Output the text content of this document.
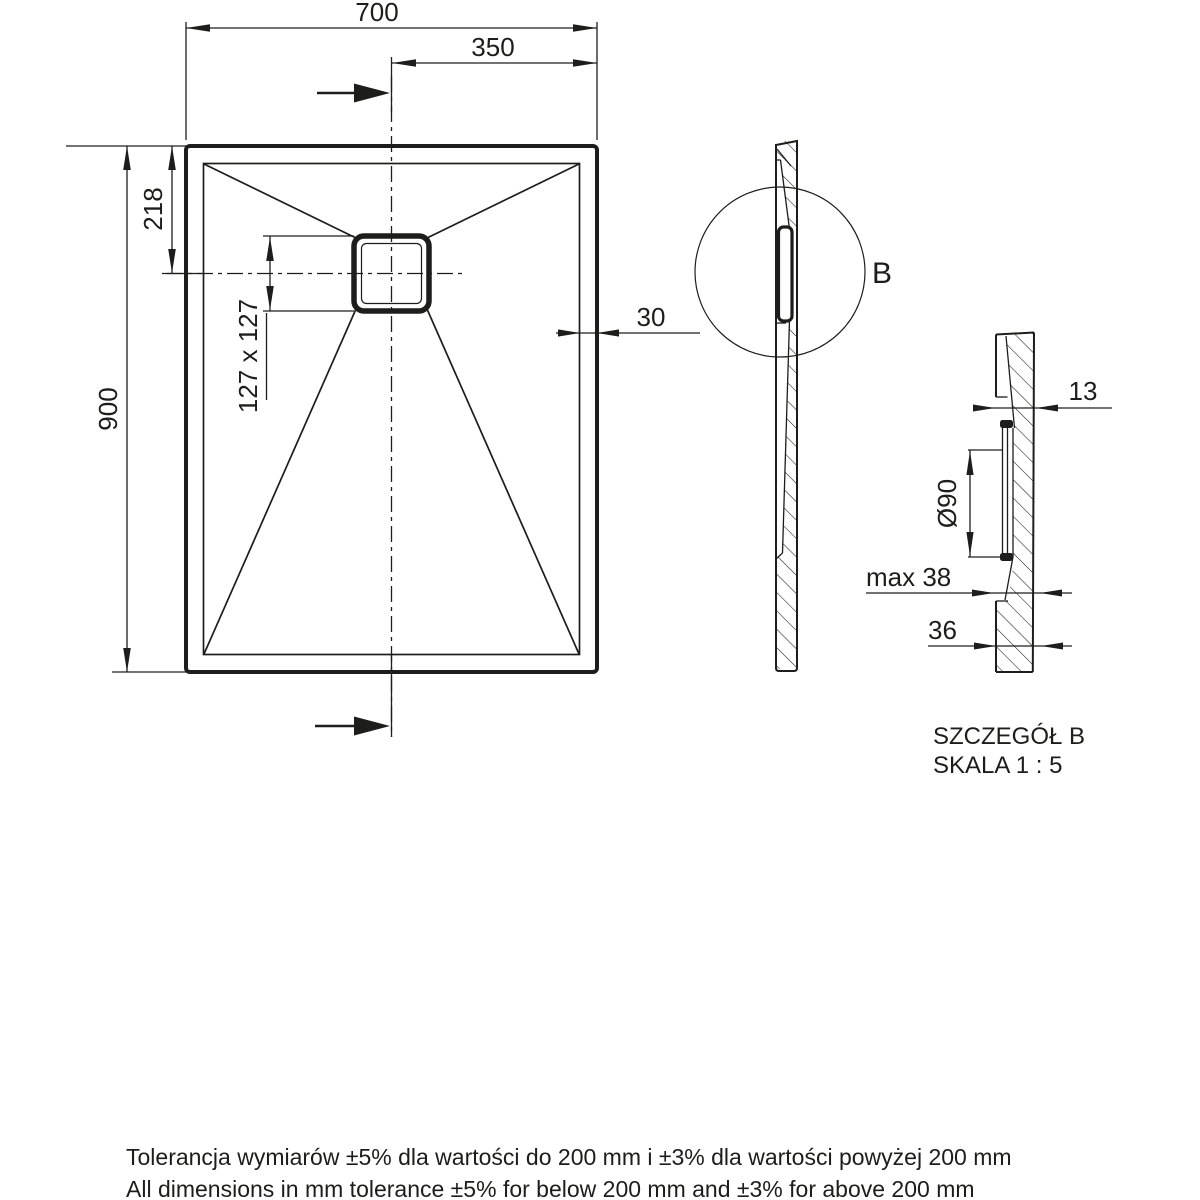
700
350
900
218
127 x 127	30
B
13
Ø90
max 38
36
SZCZEGÓŁ B
SKALA 1 : 5
Tolerancja wymiarów ±5% dla wartości do 200 mm i ±3% dla wartości powyżej 200 mm
All dimensions in mm tolerance ±5% for below 200 mm and ±3% for above 200 mm
